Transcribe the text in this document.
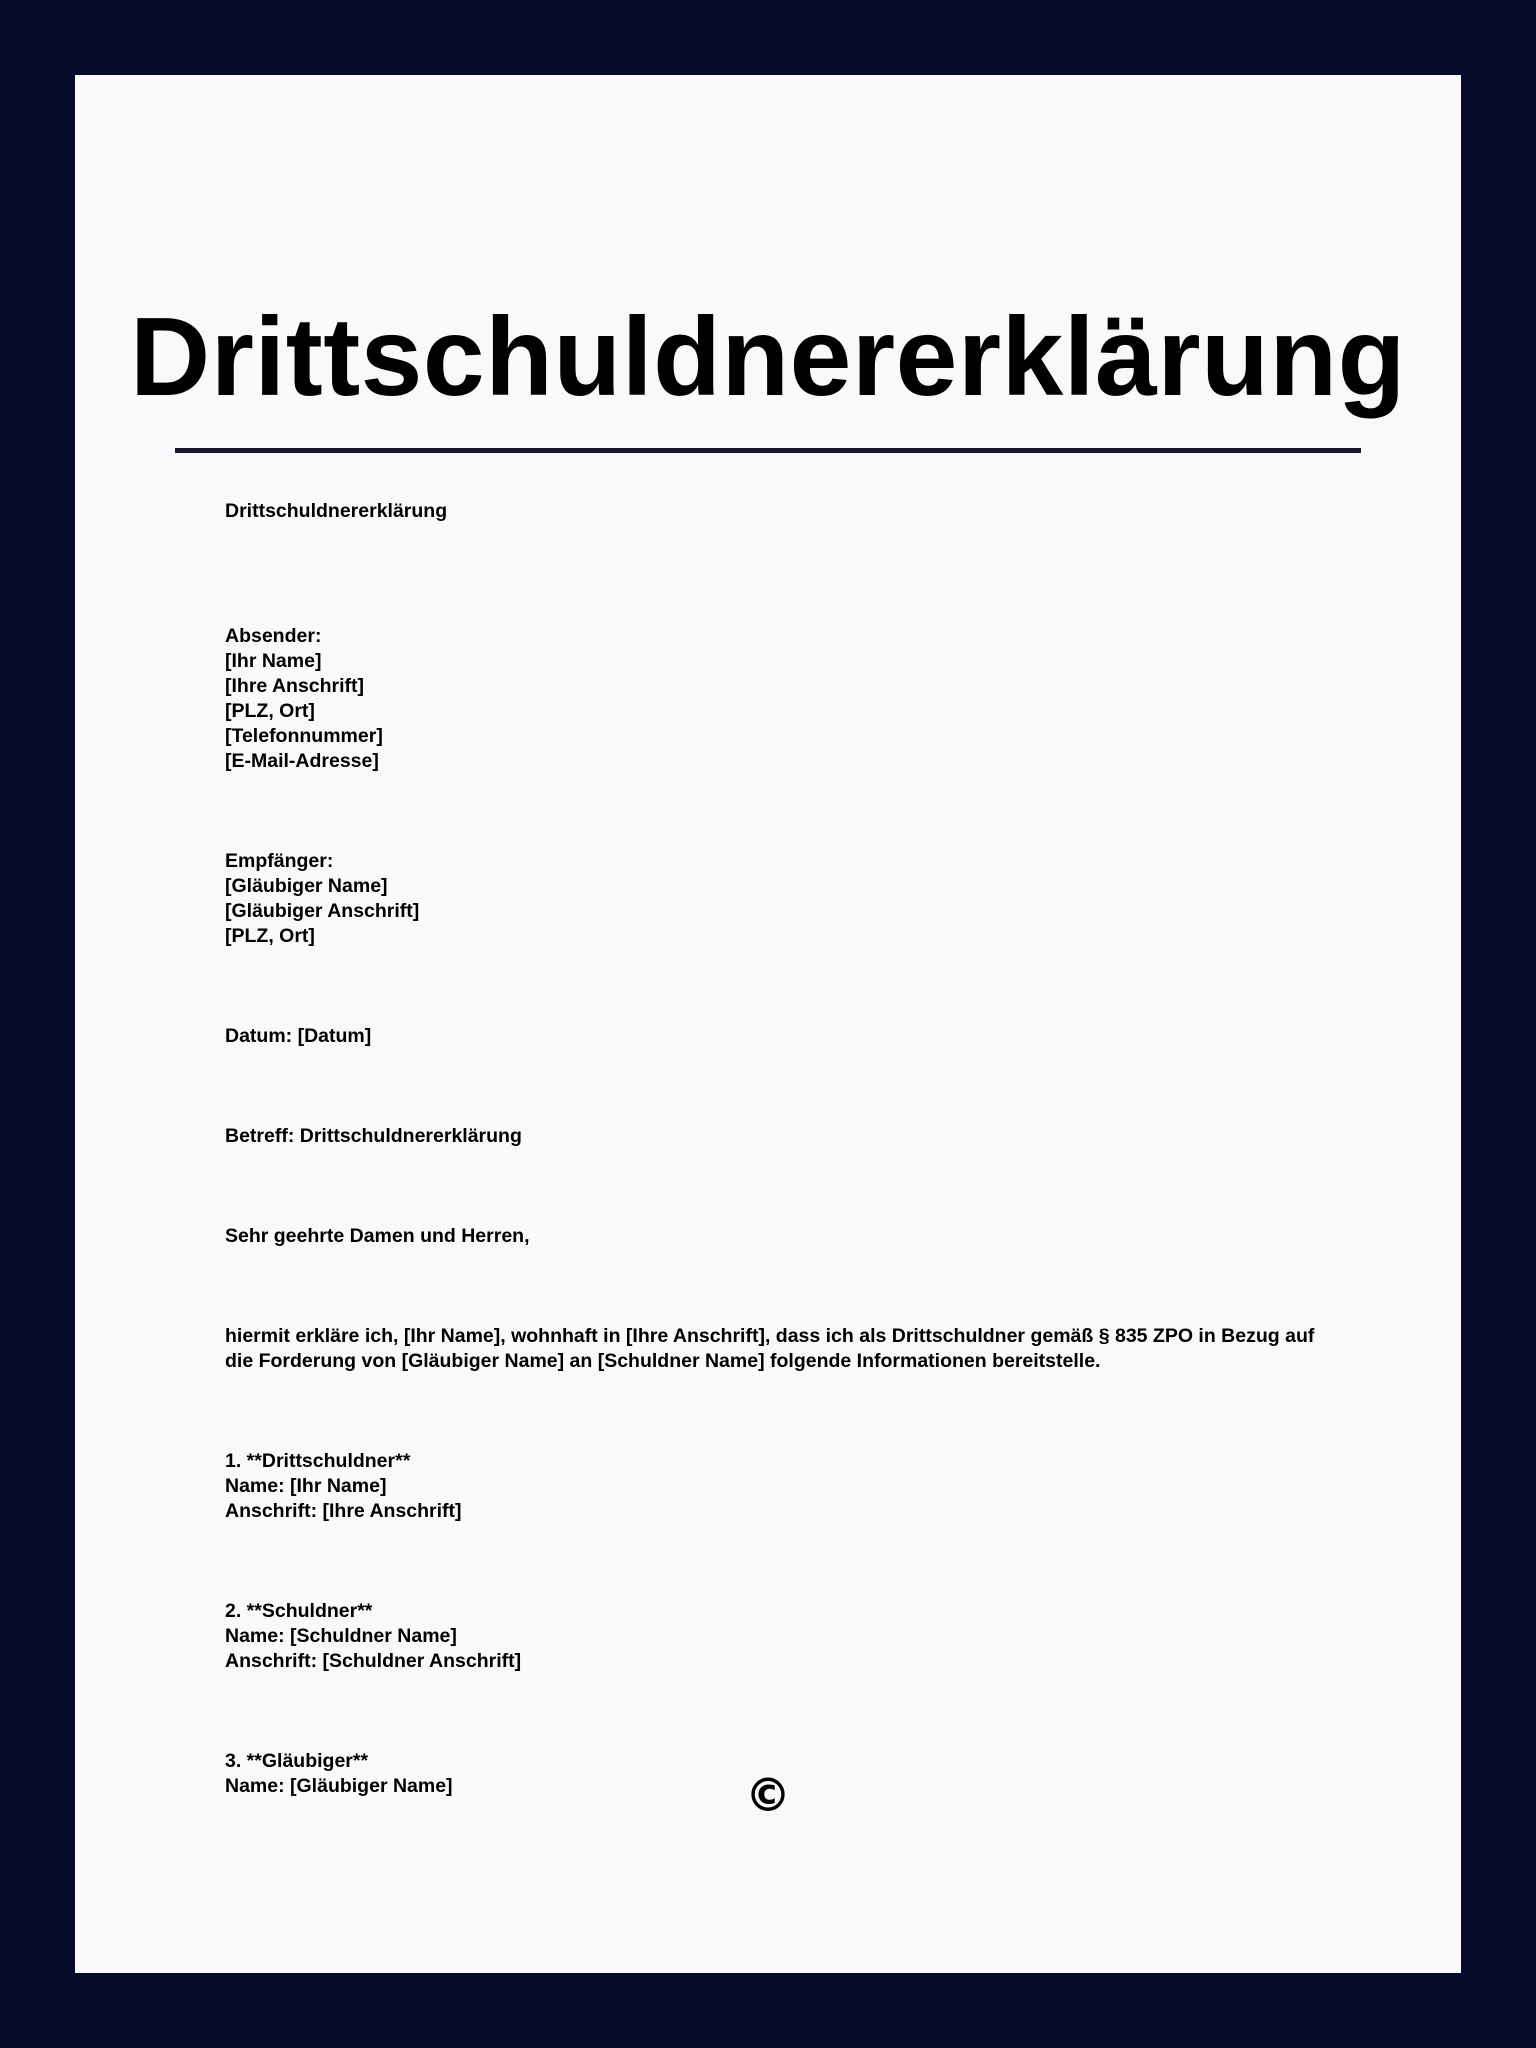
Drittschuldnererklärung

Drittschuldnererklärung

Absender:
[Ihr Name]
[Ihre Anschrift]
[PLZ, Ort]
[Telefonnummer]
[E-Mail-Adresse]
Empfänger:
[Gläubiger Name]
[Gläubiger Anschrift]
[PLZ, Ort]

Datum: [Datum]

Betreff: Drittschuldnererklärung

Sehr geehrte Damen und Herren,

hiermit erkläre ich, [Ihr Name], wohnhaft in [Ihre Anschrift], dass ich als Drittschuldner gemäß § 835 ZPO in Bezug auf
die Forderung von [Gläubiger Name] an [Schuldner Name] folgende Informationen bereitstelle.
1. **Drittschuldner**
Name: [Ihr Name]
Anschrift: [Ihre Anschrift]
2. **Schuldner**
Name: [Schuldner Name]
Anschrift: [Schuldner Anschrift]
3. **Gläubiger**
Name: [Gläubiger Name]	©
